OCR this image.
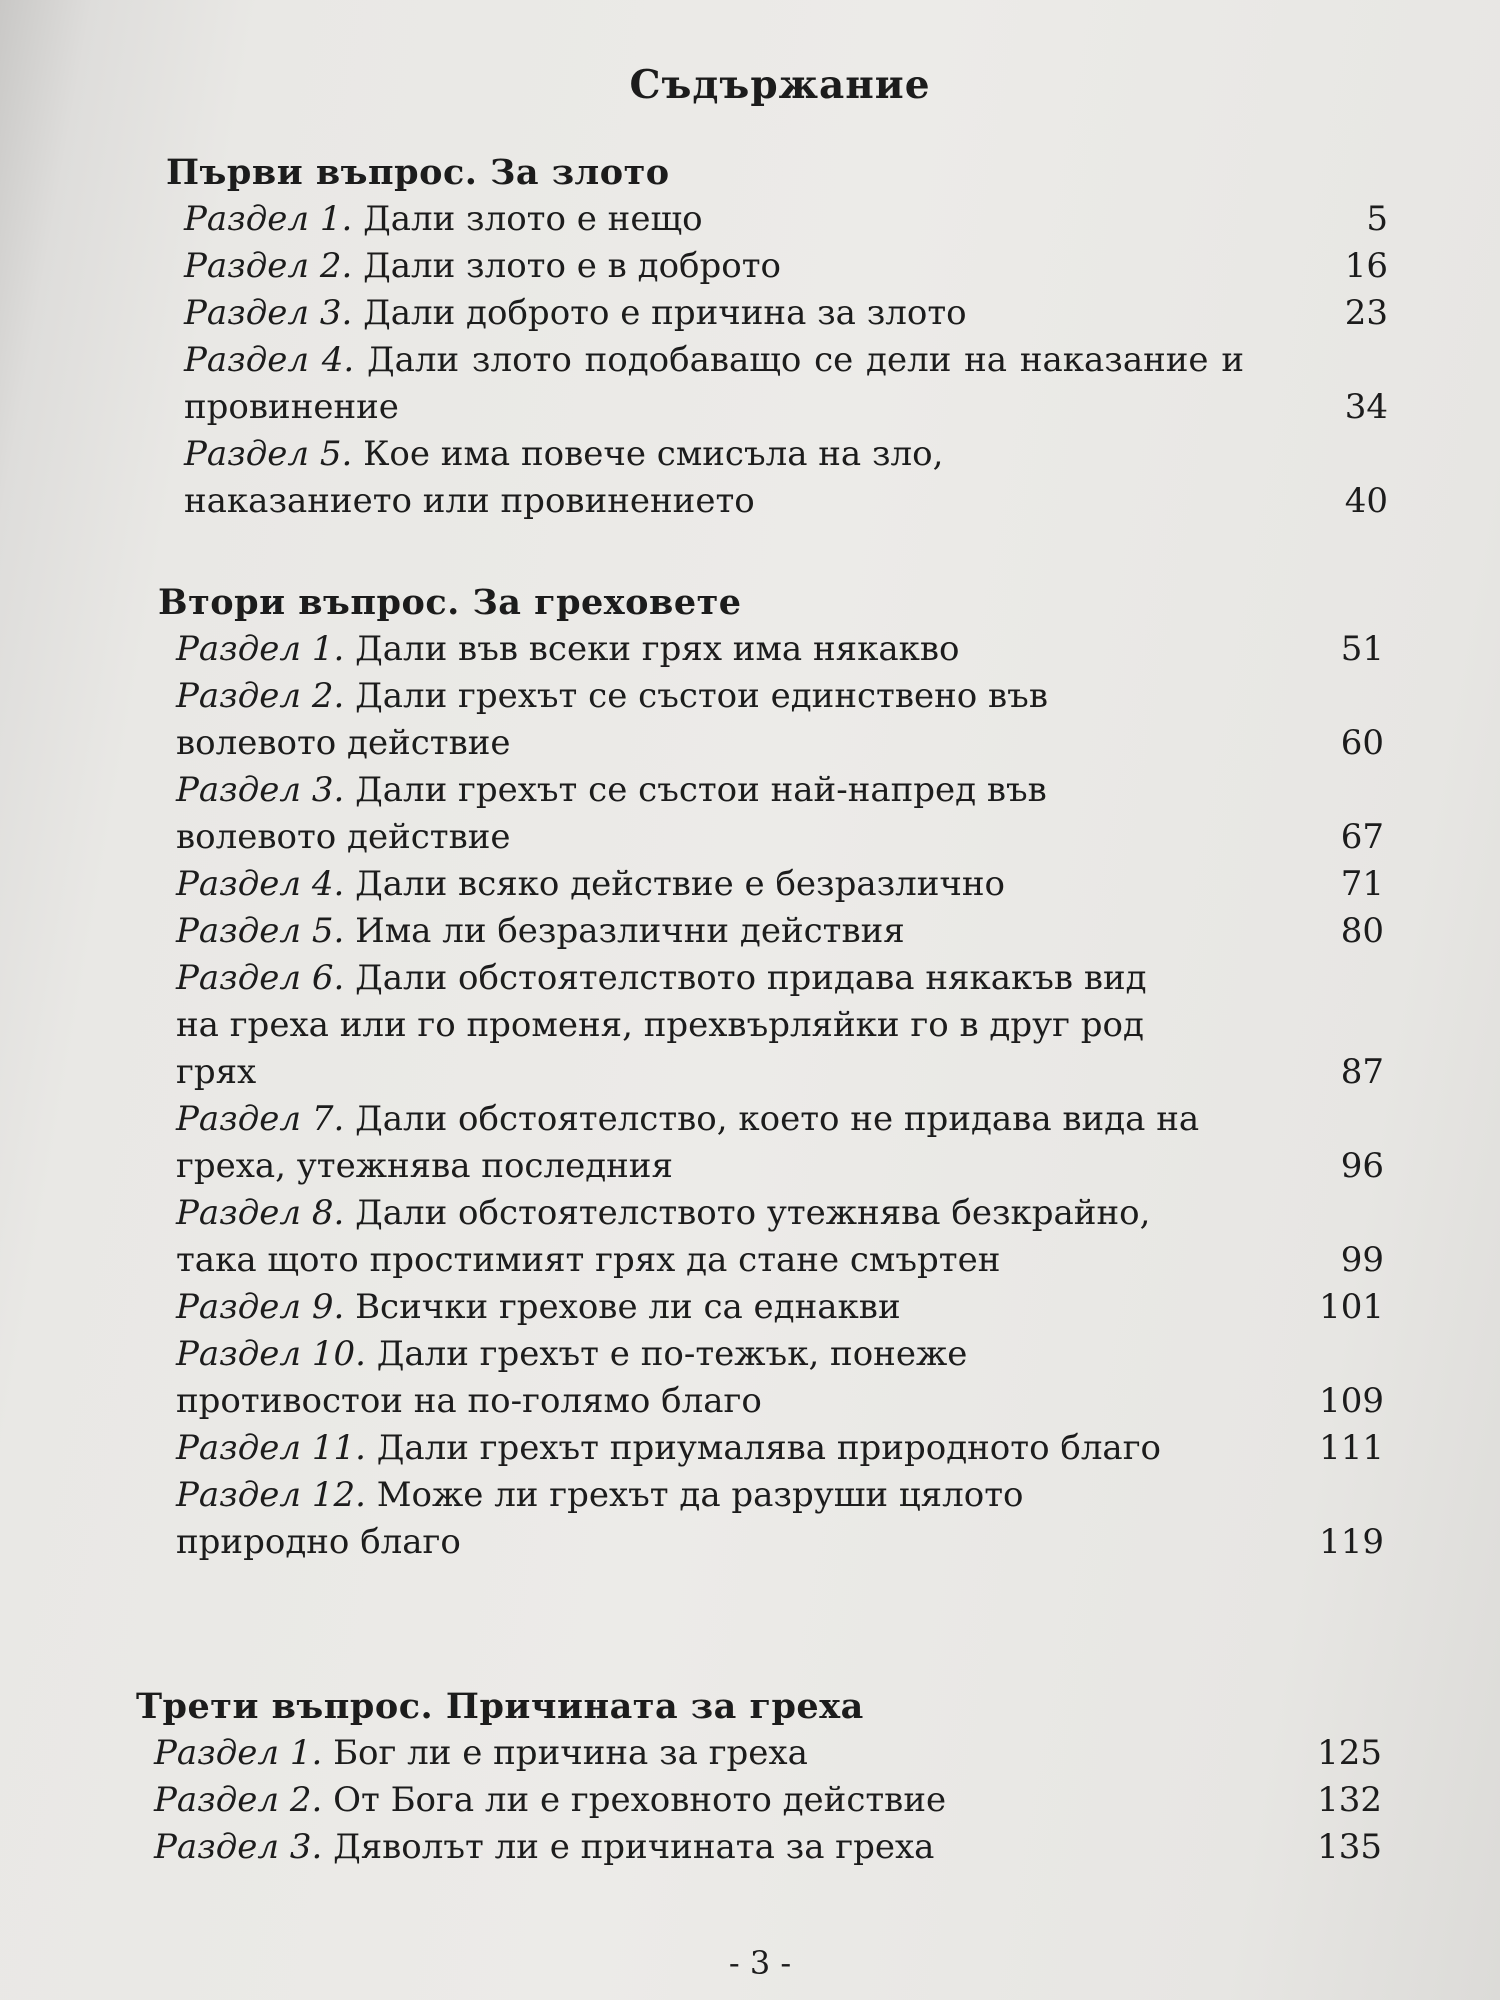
Съдържание
Първи въпрос. За злото
Раздел 1. Дали злото е нещо	5
Раздел 2. Дали злото е в доброто	16
Раздел 3. Дали доброто е причина за злото	23
Раздел 4. Дали злото подобаващо се дели на наказание и провинение	34
Раздел 5. Кое има повече смисъла на зло, наказанието или провинението	40
Втори въпрос. За греховете
Раздел 1. Дали във всеки грях има някакво	51
Раздел 2. Дали грехът се състои единствено във волевото действие	60
Раздел 3. Дали грехът се състои най-напред във волевото действие	67
Раздел 4. Дали всяко действие е безразлично	71
Раздел 5. Има ли безразлични действия	80
Раздел 6. Дали обстоятелството придава някакъв вид на греха или го променя, прехвърляйки го в друг род грях	87
Раздел 7. Дали обстоятелство, което не придава вида на греха, утежнява последния	96
Раздел 8. Дали обстоятелството утежнява безкрайно, така щото простимият грях да стане смъртен	99
Раздел 9. Всички грехове ли са еднакви	101
Раздел 10. Дали грехът е по-тежък, понеже противостои на по-голямо благо	109
Раздел 11. Дали грехът приумалява природното благо	111
Раздел 12. Може ли грехът да разруши цялото природно благо	119
Трети въпрос. Причината за греха
Раздел 1. Бог ли е причина за греха	125
Раздел 2. От Бога ли е греховното действие	132
Раздел 3. Дяволът ли е причината за греха	135
- 3 -
